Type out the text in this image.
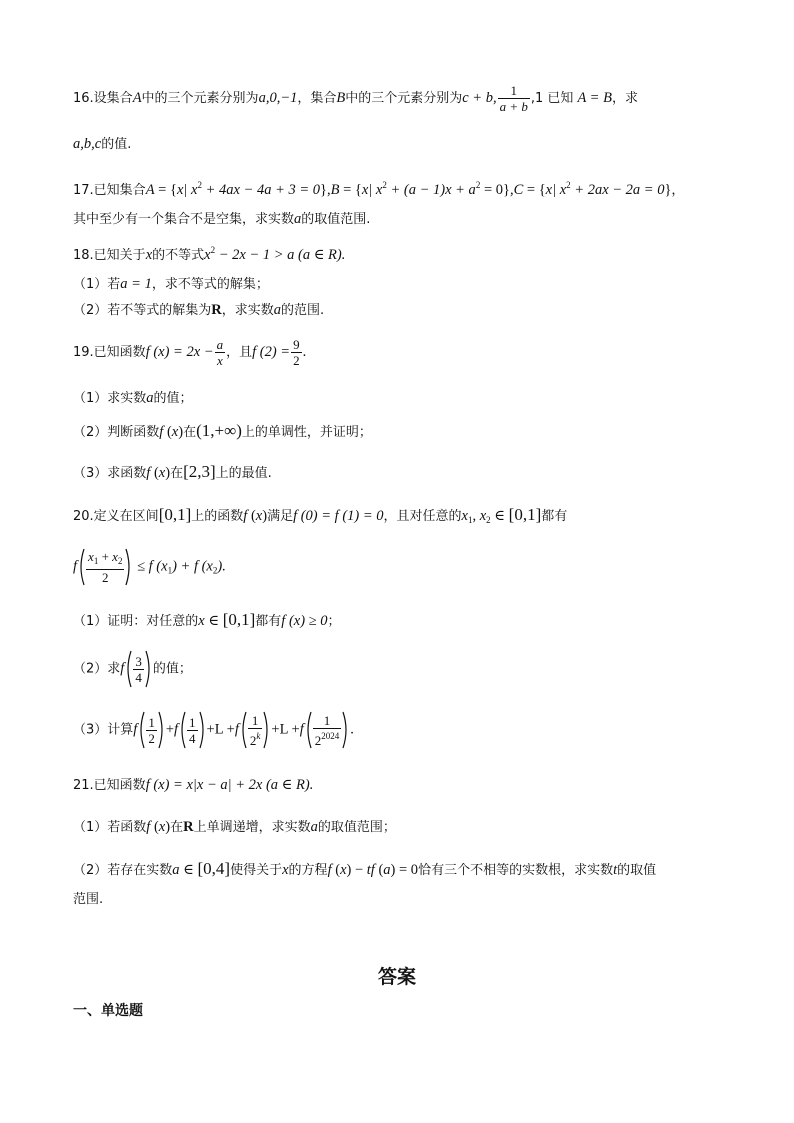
16.设集合A中的三个元素分别为a,0,−1，集合B中的三个元素分别为c + b, $\frac{1}{a + b} ,1$ 已知 A = B，求
a,b,c的值.
17.已知集合A = {x| $x^2 + 4ax - 4a + 3 = 0\},B = \{x|$ $x^2 + (a - 1)x + a^2 = 0\},C = \{x|$ $x^2 + 2ax - 2a = 0$}，
其中至少有一个集合不是空集，求实数a的取值范围.
18.已知关于x的不等式$x^2 - 2x - 1 > a$ (a ∈ R).
（1）若a = 1，求不等式的解集；
（2）若不等式的解集为R，求实数a的范围.
19.已知函数f $(x) = 2x - \frac{a}{x}$ ，且f $(2) = \frac{9}{2}$ .
（1）求实数a的值；
（2）判断函数f (x)在(1,+∞)上的单调性，并证明；
（3）求函数f (x)在[2,3]上的最值.
20.定义在区间[0,1]上的函数f (x)满足f (0) = f (1) = 0，且对任意的$x_1$, $x_2$ ∈ [0,1]都有
f $\frac{x_1 + x_2}{2} \le f$ $(x_1) + f$ $(x_2)$.
（1）证明：对任意的x ∈ [0,1]都有f (x) ≥ 0；
（2）求f $\frac{3}{4}$ 的值；
（3）计算f $\frac{1}{2} +f \frac{1}{4} +L +f \frac{1}{2^k} +L +f \frac{1}{2^{2024}}$ .
21.已知函数f (x) = x|x − a| + 2x (a ∈ R).
（1）若函数f (x)在R上单调递增，求实数a的取值范围；
（2）若存在实数a ∈ [0,4]使得关于x的方程f (x) − tf (a) = 0恰有三个不相等的实数根，求实数t的取值
范围.
答案
一、单选题
